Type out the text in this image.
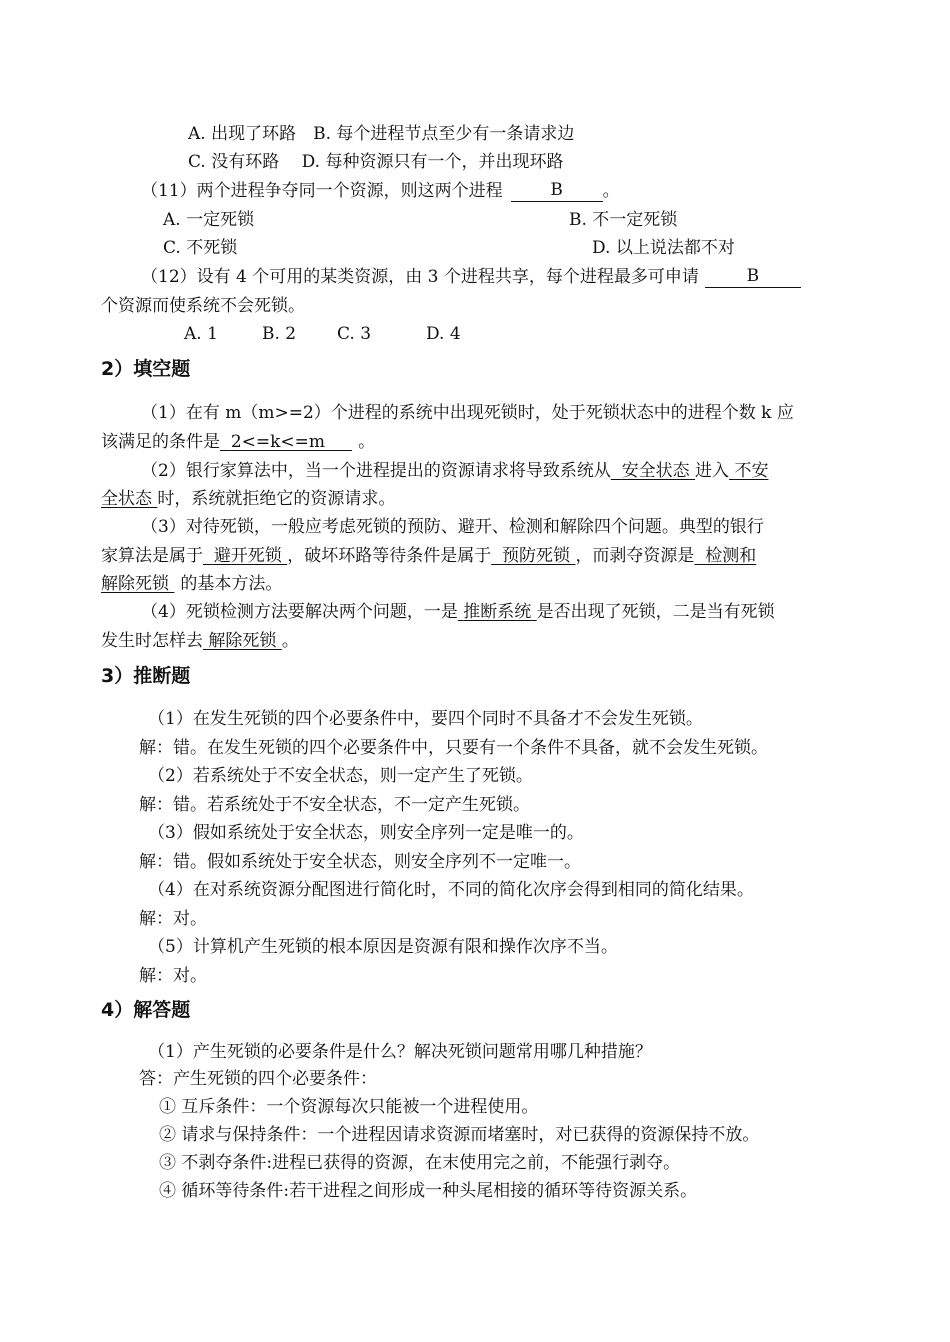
A. 出现了环路　B. 每个进程节点至少有一条请求边
C. 没有环路　 D. 每种资源只有一个，并出现环路
（11）两个进程争夺同一个资源，则这两个进程	B 。
A. 一定死锁	B. 不一定死锁
C. 不死锁	D. 以上说法都不对
（12）设有 4 个可用的某类资源，由 3 个进程共享，每个进程最多可申请	B
个资源而使系统不会死锁。
A. 1	B. 2 C. 3	D. 4
2）填空题
（1）在有 m（m>=2）个进程的系统中出现死锁时，处于死锁状态中的进程个数 k 应
该满足的条件是 2<=k<=m 。
（2）银行家算法中，当一个进程提出的资源请求将导致系统从 安全状态 进入 不安
全状态 时，系统就拒绝它的资源请求。
（3）对待死锁，一般应考虑死锁的预防、避开、检测和解除四个问题。典型的银行
家算法是属于 避开死锁 ，破坏环路等待条件是属于 预防死锁 ，而剥夺资源是 检测和
解除死锁 的基本方法。
（4）死锁检测方法要解决两个问题，一是 推断系统 是否出现了死锁，二是当有死锁
发生时怎样去 解除死锁 。
3）推断题
（1）在发生死锁的四个必要条件中，要四个同时不具备才不会发生死锁。
解：错。在发生死锁的四个必要条件中，只要有一个条件不具备，就不会发生死锁。
（2）若系统处于不安全状态，则一定产生了死锁。
解：错。若系统处于不安全状态，不一定产生死锁。
（3）假如系统处于安全状态，则安全序列一定是唯一的。
解：错。假如系统处于安全状态，则安全序列不一定唯一。
（4）在对系统资源分配图进行简化时，不同的简化次序会得到相同的简化结果。
解：对。
（5）计算机产生死锁的根本原因是资源有限和操作次序不当。
解：对。
4）解答题
（1）产生死锁的必要条件是什么？解决死锁问题常用哪几种措施？
答：产生死锁的四个必要条件：
① 互斥条件：一个资源每次只能被一个进程使用。
② 请求与保持条件：一个进程因请求资源而堵塞时，对已获得的资源保持不放。
③ 不剥夺条件:进程已获得的资源，在末使用完之前，不能强行剥夺。
④ 循环等待条件:若干进程之间形成一种头尾相接的循环等待资源关系。
